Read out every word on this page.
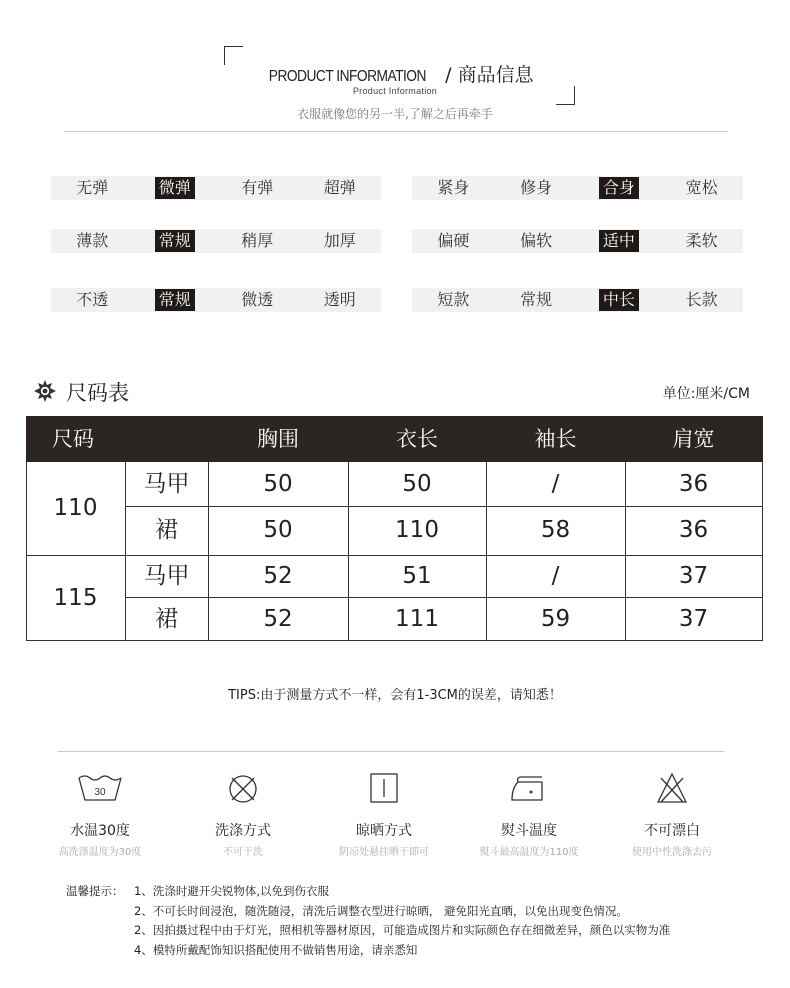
PRODUCT INFORMATION / 商品信息
Product Information
衣服就像您的另一半,了解之后再牵手
无弹	微弹	有弹	超弹	紧身	修身	合身	宽松
薄款	常规	稍厚	加厚	偏硬	偏软	适中	柔软
不透	常规	微透	透明	短款	常规	中长	长款
尺码表	单位:厘米/CM
尺码	胸围	衣长	袖长	肩宽
110
马甲	50	50	/	36
裙	50	110	58	36
115
马甲	52	51	/	37
裙	52	111	59	37
TIPS:由于测量方式不一样，会有1-3CM的误差，请知悉！
30
水温30度
高洗涤温度为30度
洗涤方式
不可干洗
晾晒方式
阴凉处悬挂晒干即可
熨斗温度
熨斗最高温度为110度
不可漂白
使用中性洗涤去污
温馨提示： 1、洗涤时避开尖锐物体,以免到伤衣服
2、不可长时间浸泡，随洗随浸，清洗后调整衣型进行晾晒， 避免阳光直晒，以免出现变色情况。
2、因拍摄过程中由于灯光，照相机等器材原因，可能造成图片和实际颜色存在细微差异，颜色以实物为准
4、模特所戴配饰知识搭配使用不做销售用途，请亲悉知
